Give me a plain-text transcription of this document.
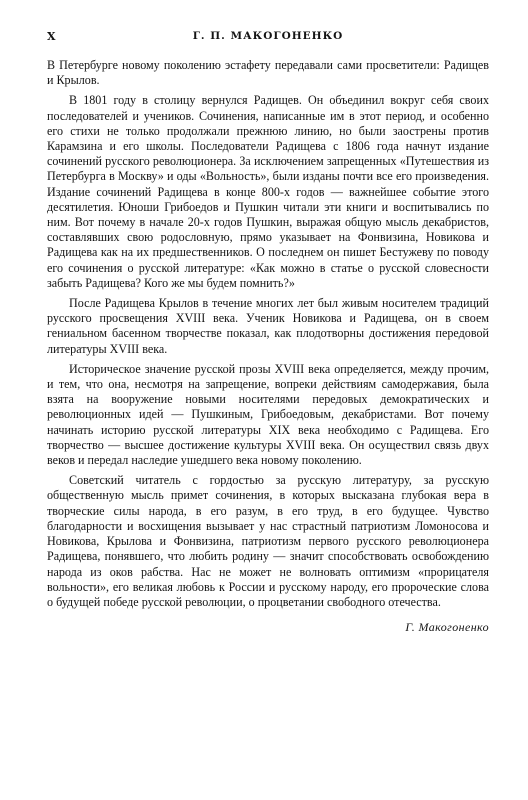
X	Г. П. МАКОГОНЕНКО

В Петербурге новому поколению эстафету передавали сами просветители: Радищев и Крылов.

В 1801 году в столицу вернулся Радищев. Он объединил вокруг себя своих последователей и учеников. Сочинения, написанные им в этот период, и особенно его стихи не только продолжали прежнюю линию, но были заострены против Карамзина и его школы. Последователи Радищева с 1806 года начнут издание сочинений русского революционера. За исключением запрещенных «Путешествия из Петербурга в Москву» и оды «Вольность», были изданы почти все его произведения. Издание сочинений Радищева в конце 800-х годов — важнейшее событие этого десятилетия. Юноши Грибоедов и Пушкин читали эти книги и воспитывались по ним. Вот почему в начале 20-х годов Пушкин, выражая общую мысль декабристов, составлявших свою родословную, прямо указывает на Фонвизина, Новикова и Радищева как на их предшественников. О последнем он пишет Бестужеву по поводу его сочинения о русской литературе: «Как можно в статье о русской словесности забыть Радищева? Кого же мы будем помнить?»

После Радищева Крылов в течение многих лет был живым носителем традиций русского просвещения XVIII века. Ученик Новикова и Радищева, он в своем гениальном басенном творчестве показал, как плодотворны достижения передовой литературы XVIII века.

Историческое значение русской прозы XVIII века определяется, между прочим, и тем, что она, несмотря на запрещение, вопреки действиям самодержавия, была взята на вооружение новыми носителями передовых демократических и революционных идей — Пушкиным, Грибоедовым, декабристами. Вот почему начинать историю русской литературы XIX века необходимо с Радищева. Его творчество — высшее достижение культуры XVIII века. Он осуществил связь двух веков и передал наследие ушедшего века новому поколению.

Советский читатель с гордостью за русскую литературу, за русскую общественную мысль примет сочинения, в которых высказана глубокая вера в творческие силы народа, в его разум, в его труд, в его будущее. Чувство благодарности и восхищения вызывает у нас страстный патриотизм Ломоносова и Новикова, Крылова и Фонвизина, патриотизм первого русского революционера Радищева, понявшего, что любить родину — значит способствовать освобождению народа из оков рабства. Нас не может не волновать оптимизм «прорицателя вольности», его великая любовь к России и русскому народу, его пророческие слова о будущей победе русской революции, о процветании свободного отечества.

Г. Макогоненко
